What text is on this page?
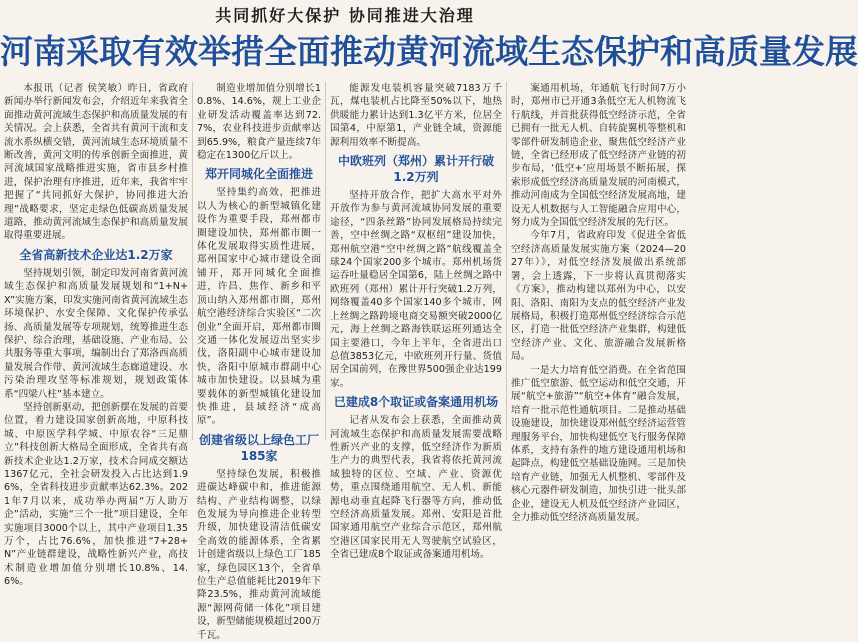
共同抓好大保护 协同推进大治理
河南采取有效举措全面推动黄河流域生态保护和高质量发展

本报讯（记者 侯笑敏）昨日，省政府新闻办举行新闻发布会，介绍近年来我省全面推动黄河流域生态保护和高质量发展的有关情况。会上获悉，全省共有黄河干流和支流水系纵横交错，黄河流域生态环境质量不断改善，黄河文明的传承创新全面推进，黄河流域国家战略推进实施，省市县乡村推进，保护治理有序推进，近年来，我省牢牢把握了“共同抓好大保护，协同推进大治理”战略要求，坚定走绿色低碳高质量发展道路，推动黄河流域生态保护和高质量发展取得重要进展。

全省高新技术企业达1.2万家

坚持规划引领，制定印发河南省黄河流域生态保护和高质量发展规划和“1+N+X”实施方案，印发实施河南省黄河流域生态环境保护、水安全保障、文化保护传承弘扬、高质量发展等专项规划，统筹推进生态保护、综合治理，基础设施、产业布局、公共服务等重大事项，编制出台了郑洛西高质量发展合作带、黄河流域生态廊道建设、水污染治理攻坚等标准规划，规划政策体系“四梁八柱”基本建立。

坚持创新驱动，把创新摆在发展的首要位置，着力建设国家创新高地，中原科技城、中原医学科学城、中原农谷“三足鼎立”科技创新大格局全面形成，全省共有高新技术企业达1.2万家，技术合同成交额达1367亿元，全社会研发投入占比达到1.96%，全省科技进步贡献率达62.3%。2021年7月以来，成功举办两届“万人助万企”活动，实施“三个一批”项目建设，全年实施项目3000个以上，其中产业项目1.35万个，占比76.6%，加快推进“7+28+N”产业链群建设，战略性新兴产业，高技术制造业增加值分别增长10.8%、14.6%。

制造业增加值分别增长10.8%、14.6%，规上工业企业研发活动覆盖率达到72.7%，农业科技进步贡献率达到65.9%，粮食产量连续7年稳定在1300亿斤以上。

郑开同城化全面推进

坚持集约高效，把推进以人为核心的新型城镇化建设作为重要手段，郑州都市圈建设加快，郑州都市圈一体化发展取得实质性进展，郑州国家中心城市建设全面铺开，郑开同城化全面推进，许昌、焦作、新乡和平顶山纳入郑州都市圈，郑州航空港经济综合实验区“二次创业”全面开启，郑州都市圈交通一体化发展迈出坚实步伐，洛阳副中心城市建设加快，洛阳中原城市群副中心城市加快建设。以县城为重要载体的新型城镇化建设加快推进，县域经济“成高原”。

创建省级以上绿色工厂185家

坚持绿色发展，积极推进碳达峰碳中和，推进能源结构、产业结构调整，以绿色发展为导向推进企业转型升级，加快建设清洁低碳安全高效的能源体系，全省累计创建省级以上绿色工厂185家，绿色园区13个，全省单位生产总值能耗比2019年下降23.5%，推动黄河流域能源“源网荷储一体化”项目建设，新型储能规模超过200万千瓦。

能源发电装机容量突破7183万千瓦，煤电装机占比降至50%以下，地热供暖能力累计达到1.3亿平方米，位居全国第4，中原第1，产业链全域，资源能源利用效率不断提高。

中欧班列（郑州）累计开行破1.2万列

坚持开放合作，把扩大高水平对外开放作为参与黄河流域协同发展的重要途径，“四条丝路”协同发展格局持续完善，空中丝绸之路“双枢纽”建设加快，郑州航空港“空中丝绸之路”航线覆盖全球24个国家200多个城市。郑州机场货运吞吐量稳居全国第6，陆上丝绸之路中欧班列（郑州）累计开行突破1.2万列，网络覆盖40多个国家140多个城市，网上丝绸之路跨境电商交易额突破2000亿元，海上丝绸之路海铁联运班列通达全国主要港口，今年上半年，全省进出口总值3853亿元，中欧班列开行量、货值居全国前列，在豫世界500强企业达199家。

已建成8个取证或备案通用机场

记者从发布会上获悉，全面推动黄河流域生态保护和高质量发展需要战略性新兴产业的支撑，低空经济作为新质生产力的典型代表，我省将依托黄河流域独特的区位、空域、产业、资源优势，重点围绕通用航空、无人机、新能源电动垂直起降飞行器等方向，推动低空经济高质量发展。郑州、安阳是首批国家通用航空产业综合示范区，郑州航空港区国家民用无人驾驶航空试验区，全省已建成8个取证或备案通用机场。

案通用机场，年通航飞行时间7万小时，郑州市已开通3条低空无人机物流飞行航线，并首批获得低空经济示范，全省已拥有一批无人机、自转旋翼机等整机和零部件研发制造企业，聚焦低空经济产业链，全省已经形成了低空经济产业链的初步布局，‘低空+’应用场景不断拓展，探索形成低空经济高质量发展的河南模式，推动河南成为全国低空经济发展高地，建设无人机数据与人工智能融合应用中心，努力成为全国低空经济发展的先行区。

今年7月，省政府印发《促进全省低空经济高质量发展实施方案（2024—2027年）》，对低空经济发展做出系统部署，会上透露，下一步将认真贯彻落实《方案》，推动构建以郑州为中心，以安阳、洛阳、南阳为支点的低空经济产业发展格局，积极打造郑州低空经济综合示范区，打造一批低空经济产业集群，构建低空经济产业、文化、旅游融合发展新格局。

一是大力培育低空消费。在全省范围推广低空旅游、低空运动和低空交通，开展“航空+旅游”“航空+体育”融合发展，培育一批示范性通航项目。二是推动基础设施建设，加快建设郑州低空经济运营管理服务平台，加快构建低空飞行服务保障体系，支持有条件的地方建设通用机场和起降点，构建低空基础设施网。三是加快培育产业链，加强无人机整机、零部件及核心元器件研发制造，加快引进一批头部企业，建设无人机及低空经济产业园区，全力推动低空经济高质量发展。
